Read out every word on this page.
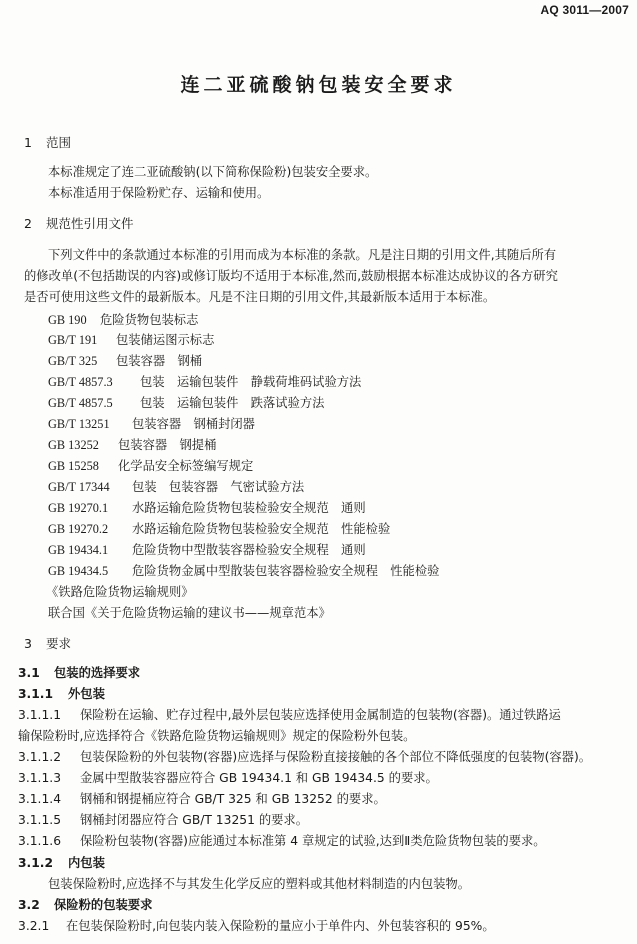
AQ 3011—2007
连二亚硫酸钠包装安全要求
1 范围
本标准规定了连二亚硫酸钠(以下简称保险粉)包装安全要求。
本标准适用于保险粉贮存、运输和使用。
2 规范性引用文件
下列文件中的条款通过本标准的引用而成为本标准的条款。凡是注日期的引用文件,其随后所有
的修改单(不包括勘误的内容)或修订版均不适用于本标准,然而,鼓励根据本标准达成协议的各方研究
是否可使用这些文件的最新版本。凡是不注日期的引用文件,其最新版本适用于本标准。
GB 190 危险货物包装标志
GB/T 191 包装储运图示标志
GB/T 325 包装容器　钢桶
GB/T 4857.3 包装　运输包装件　静载荷堆码试验方法
GB/T 4857.5 包装　运输包装件　跌落试验方法
GB/T 13251 包装容器　钢桶封闭器
GB 13252 包装容器　钢提桶
GB 15258 化学品安全标签编写规定
GB/T 17344 包装　包装容器　气密试验方法
GB 19270.1 水路运输危险货物包装检验安全规范　通则
GB 19270.2 水路运输危险货物包装检验安全规范　性能检验
GB 19434.1 危险货物中型散装容器检验安全规程　通则
GB 19434.5 危险货物金属中型散装包装容器检验安全规程　性能检验
《铁路危险货物运输规则》
联合国《关于危险货物运输的建议书——规章范本》
3 要求
3.1 包装的选择要求
3.1.1 外包装
3.1.1.1 保险粉在运输、贮存过程中,最外层包装应选择使用金属制造的包装物(容器)。通过铁路运
输保险粉时,应选择符合《铁路危险货物运输规则》规定的保险粉外包装。
3.1.1.2 包装保险粉的外包装物(容器)应选择与保险粉直接接触的各个部位不降低强度的包装物(容器)。
3.1.1.3 金属中型散装容器应符合 GB 19434.1 和 GB 19434.5 的要求。
3.1.1.4 钢桶和钢提桶应符合 GB/T 325 和 GB 13252 的要求。
3.1.1.5 钢桶封闭器应符合 GB/T 13251 的要求。
3.1.1.6 保险粉包装物(容器)应能通过本标准第 4 章规定的试验,达到Ⅱ类危险货物包装的要求。
3.1.2 内包装
包装保险粉时,应选择不与其发生化学反应的塑料或其他材料制造的内包装物。
3.2 保险粉的包装要求
3.2.1 在包装保险粉时,向包装内装入保险粉的量应小于单件内、外包装容积的 95%。
